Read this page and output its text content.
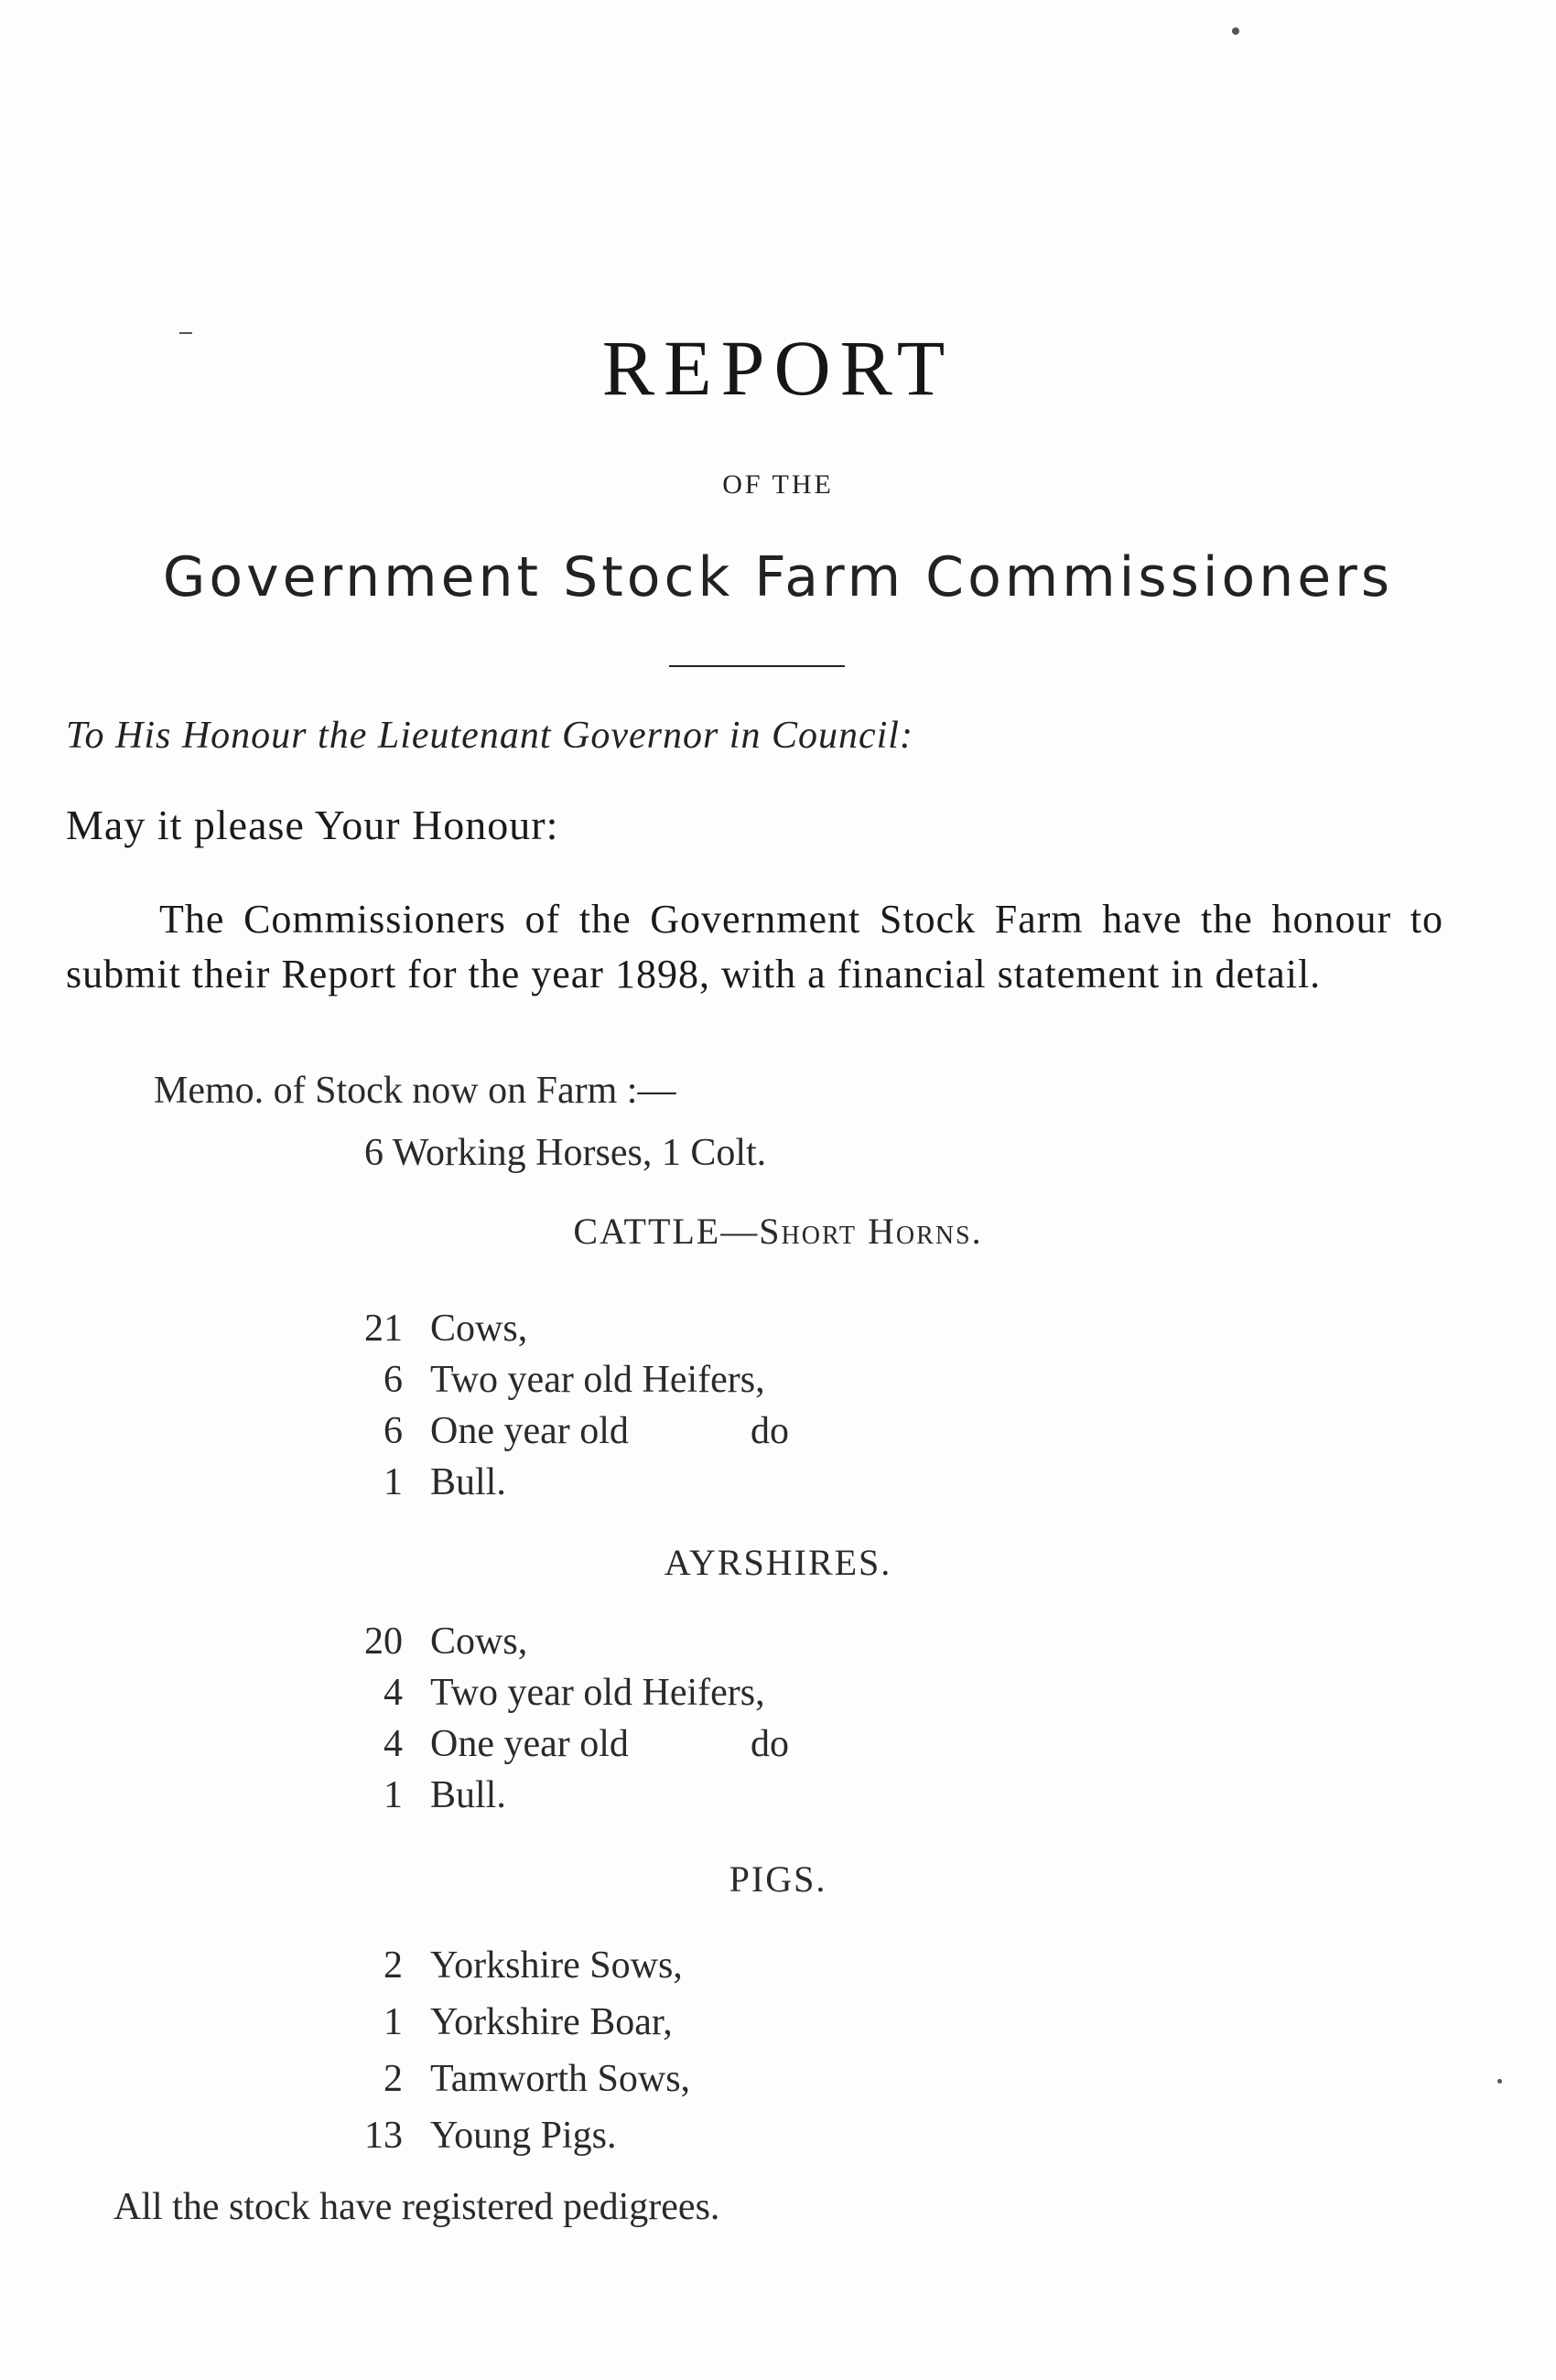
REPORT
OF THE
Government Stock Farm Commissioners
To His Honour the Lieutenant Governor in Council:
May it please Your Honour:
The Commissioners of the Government Stock Farm have the honour to submit their Report for the year 1898, with a financial statement in detail.
Memo. of Stock now on Farm :—
6 Working Horses, 1 Colt.
CATTLE—Short Horns.
21 Cows,
6 Two year old Heifers,
6 One year old	do
1 Bull.
AYRSHIRES.
20 Cows,
4 Two year old Heifers,
4 One year old	do
1 Bull.
PIGS.
2 Yorkshire Sows,
1 Yorkshire Boar,
2 Tamworth Sows,
13 Young Pigs.
All the stock have registered pedigrees.
